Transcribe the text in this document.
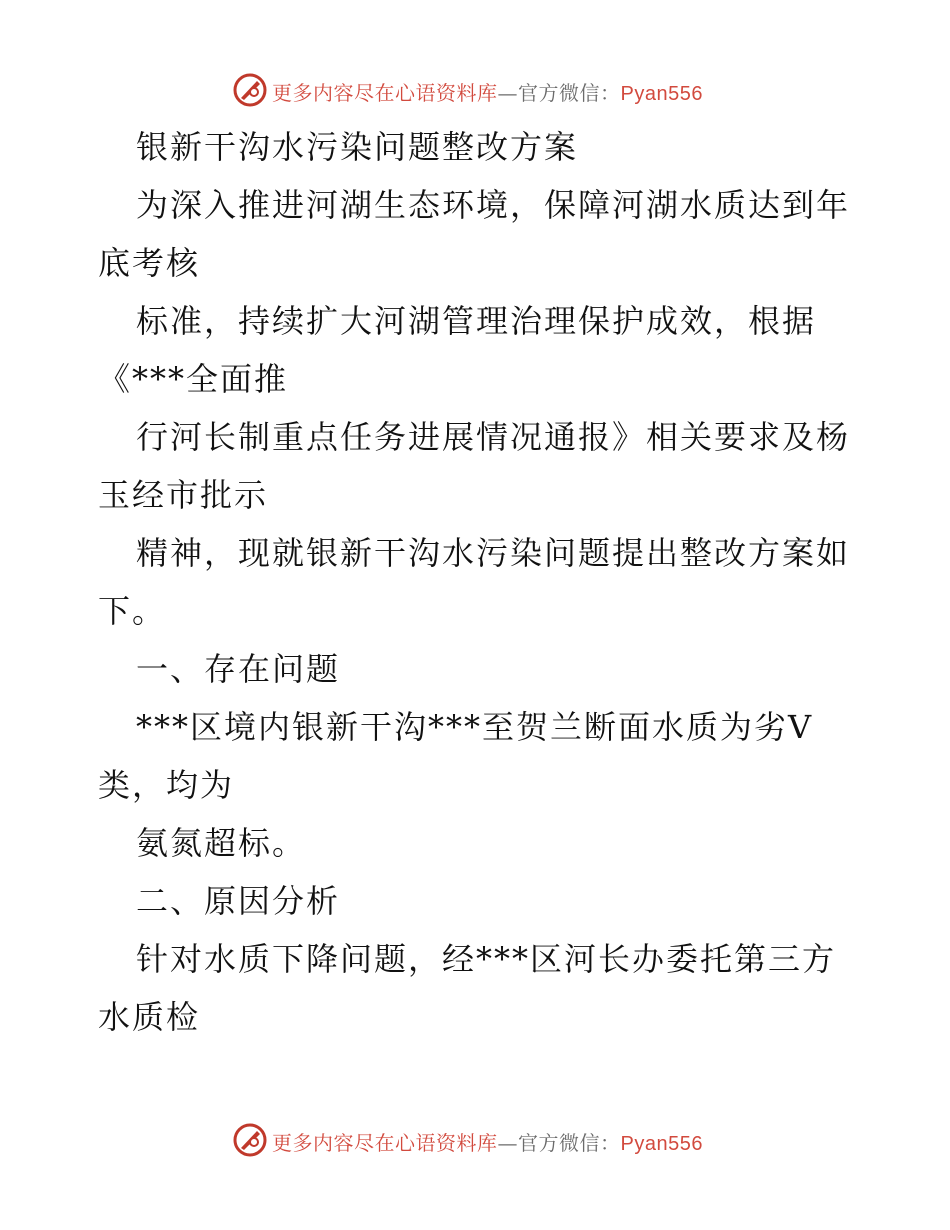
更多内容尽在心语资料库—官方微信：Pyan556
银新干沟水污染问题整改方案
为深入推进河湖生态环境，保障河湖水质达到年
底考核
标准，持续扩大河湖管理治理保护成效，根据
《***全面推
行河长制重点任务进展情况通报》相关要求及杨
玉经市批示
精神，现就银新干沟水污染问题提出整改方案如
下。
一、存在问题
***区境内银新干沟***至贺兰断面水质为劣V
类，均为
氨氮超标。
二、原因分析
针对水质下降问题，经***区河长办委托第三方
水质检
更多内容尽在心语资料库—官方微信：Pyan556
